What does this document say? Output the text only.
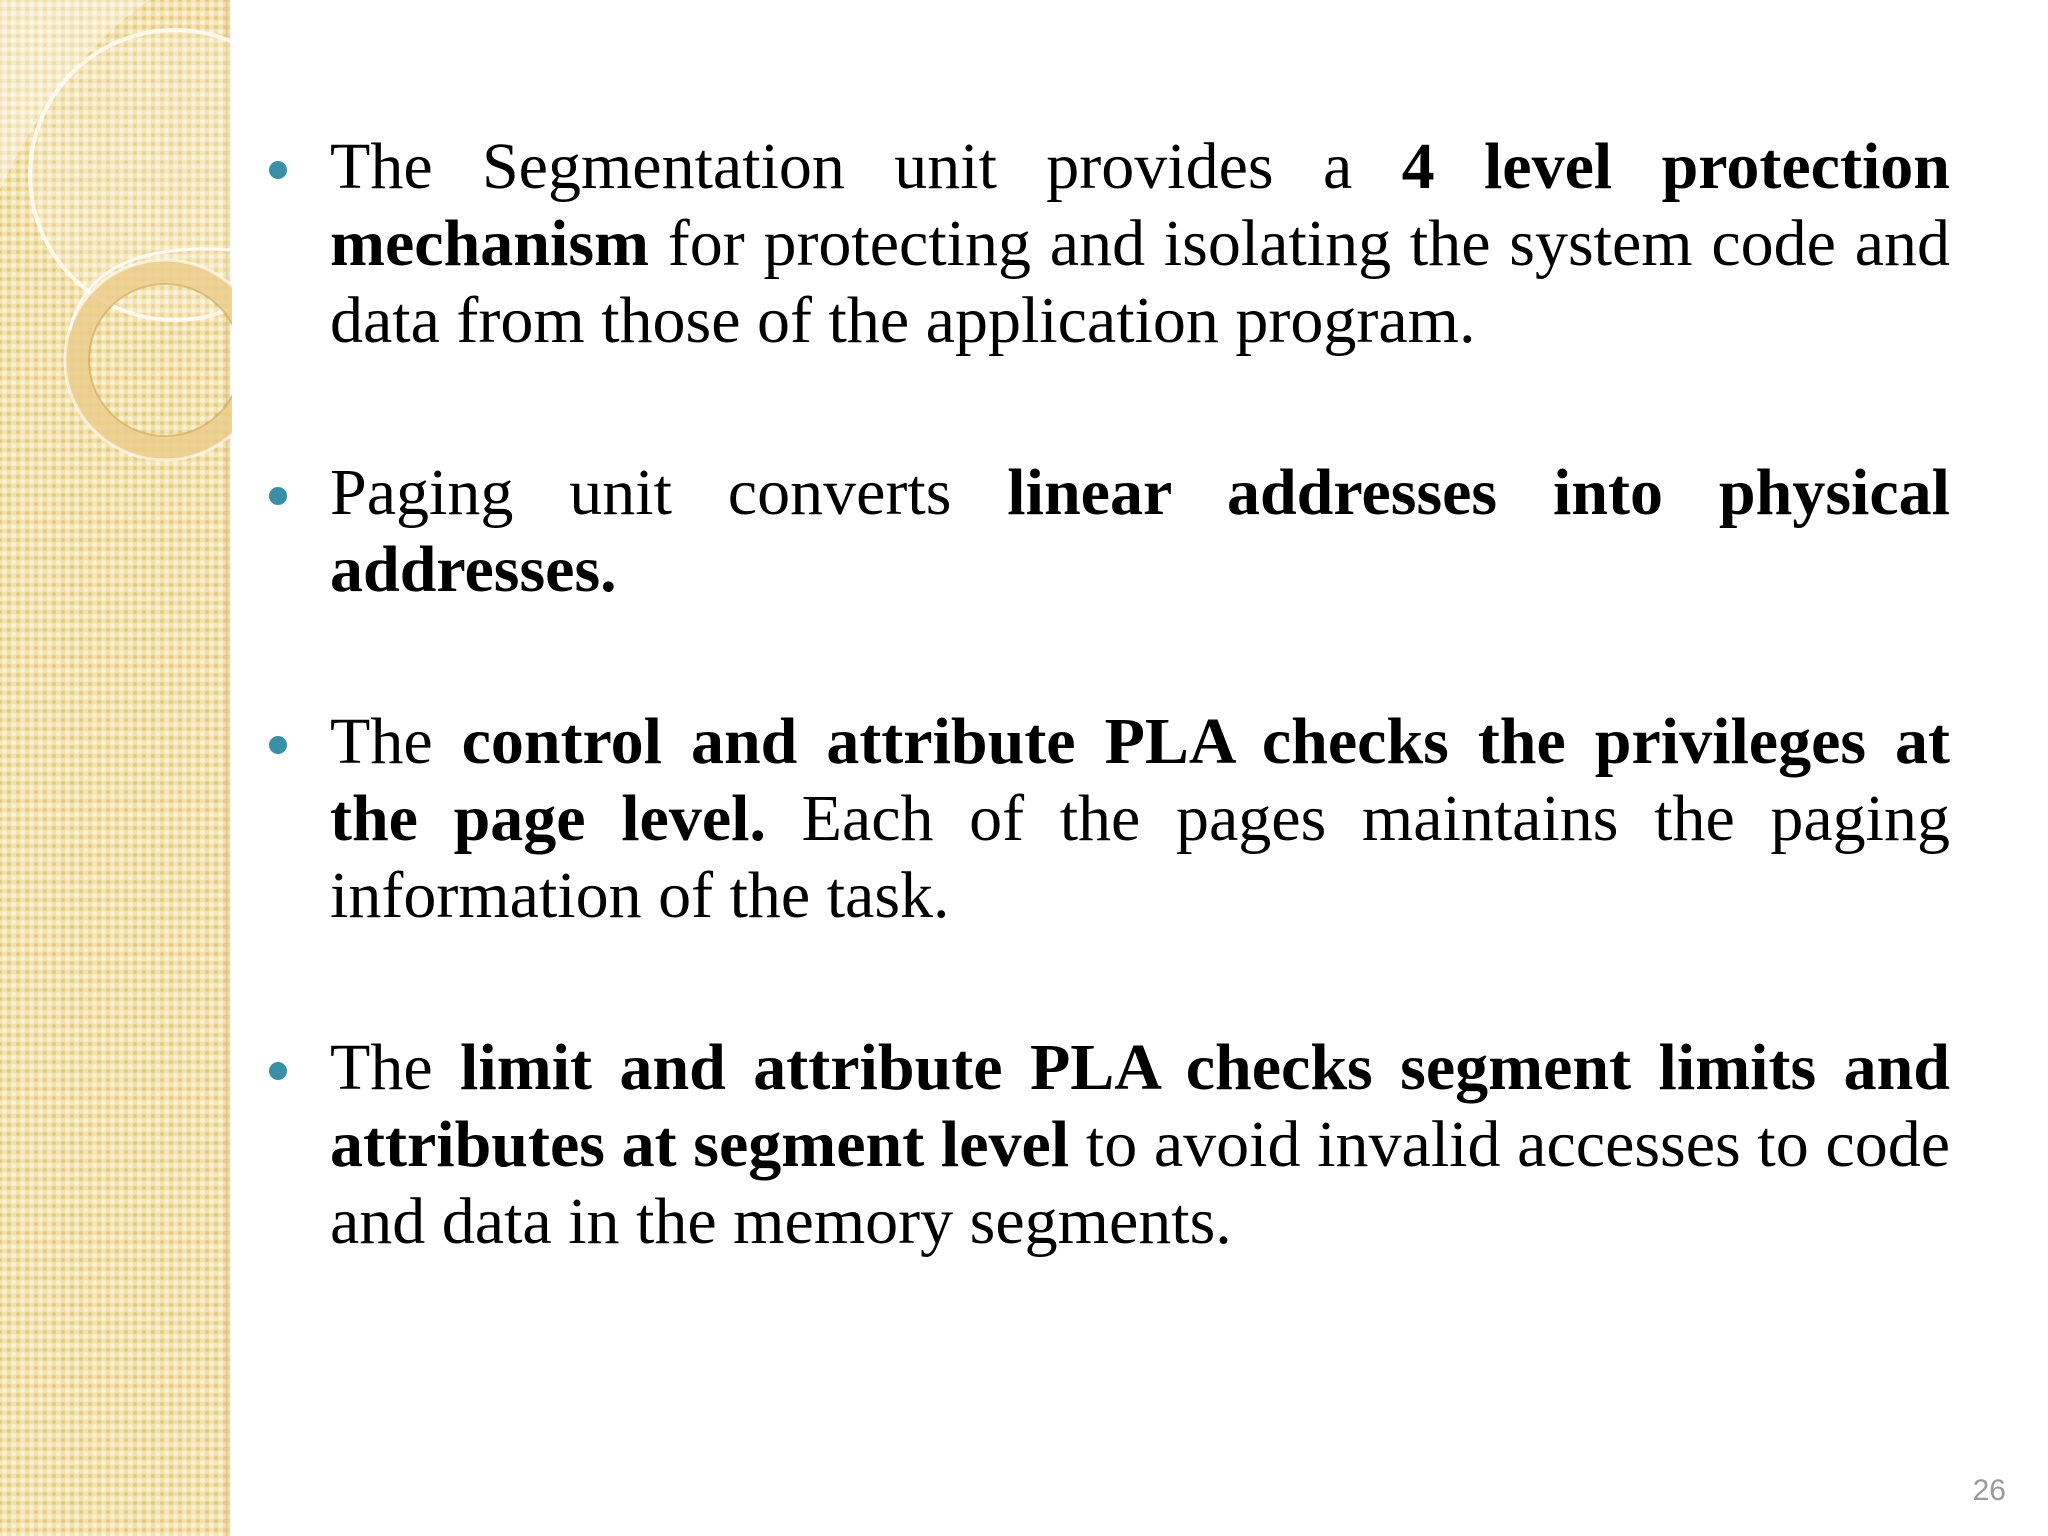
The Segmentation unit provides a 4 level protection mechanism for protecting and isolating the system code and data from those of the application program.
Paging unit converts linear addresses into physical addresses.
The control and attribute PLA checks the privileges at the page level. Each of the pages maintains the paging information of the task.
The limit and attribute PLA checks segment limits and attributes at segment level to avoid invalid accesses to code and data in the memory segments.
26
